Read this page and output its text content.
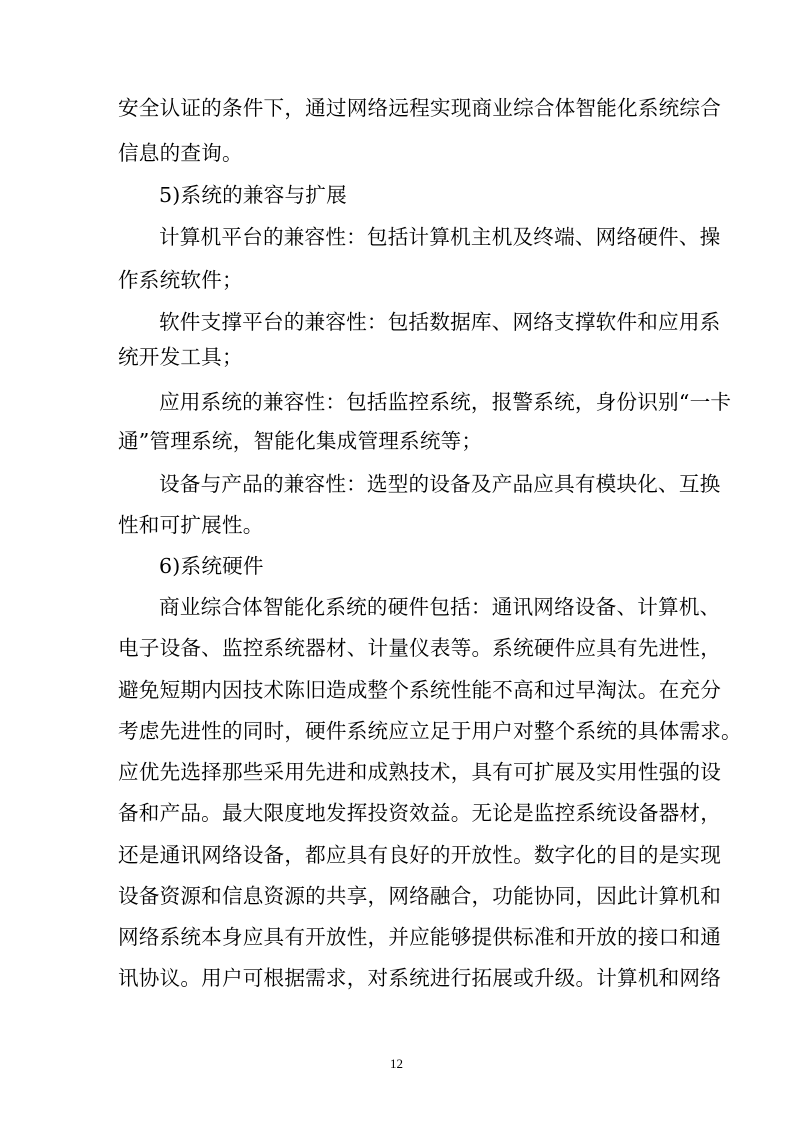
安全认证的条件下，通过网络远程实现商业综合体智能化系统综合
信息的查询。
5)系统的兼容与扩展
计算机平台的兼容性：包括计算机主机及终端、网络硬件、操
作系统软件；
软件支撑平台的兼容性：包括数据库、网络支撑软件和应用系
统开发工具；
应用系统的兼容性：包括监控系统，报警系统，身份识别“一卡
通”管理系统，智能化集成管理系统等；
设备与产品的兼容性：选型的设备及产品应具有模块化、互换
性和可扩展性。
6)系统硬件
商业综合体智能化系统的硬件包括：通讯网络设备、计算机、
电子设备、监控系统器材、计量仪表等。系统硬件应具有先进性，
避免短期内因技术陈旧造成整个系统性能不高和过早淘汰。在充分
考虑先进性的同时，硬件系统应立足于用户对整个系统的具体需求。
应优先选择那些采用先进和成熟技术，具有可扩展及实用性强的设
备和产品。最大限度地发挥投资效益。无论是监控系统设备器材，
还是通讯网络设备，都应具有良好的开放性。数字化的目的是实现
设备资源和信息资源的共享，网络融合，功能协同，因此计算机和
网络系统本身应具有开放性，并应能够提供标准和开放的接口和通
讯协议。用户可根据需求，对系统进行拓展或升级。计算机和网络
12
